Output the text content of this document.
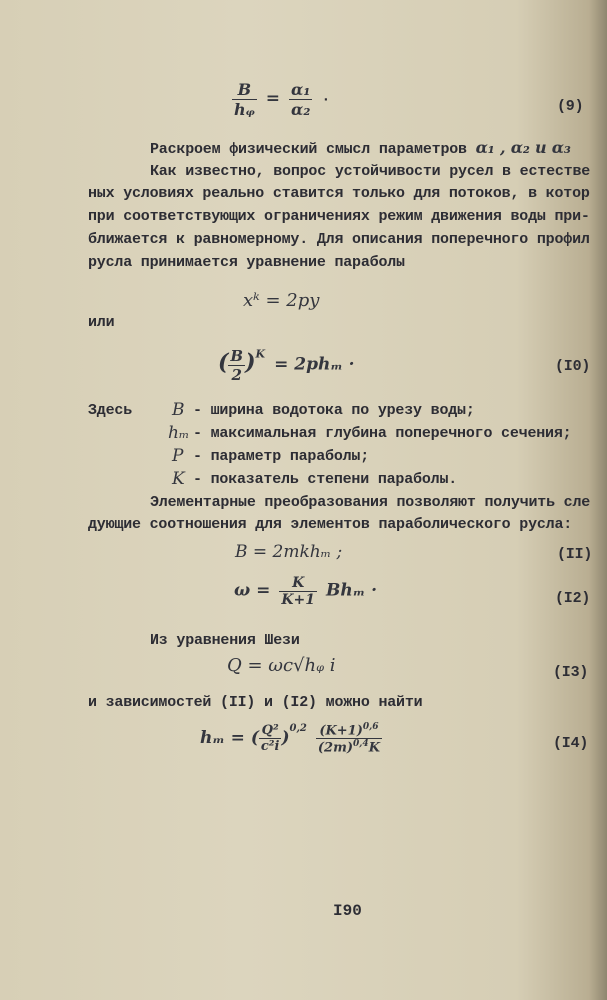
$\frac{B}{\text{hᵩ}} = \frac{\text{α₁}}{\text{α₂}}$ ·	(9)
Раскроем физический смысл параметров α₁ , α₂ и α₃
Как известно, вопрос устойчивости русел в естестве
ных условиях реально ставится только для потоков, в котор
при соответствующих ограничениях режим движения воды при-
ближается к равномерному. Для описания поперечного профил
русла принимается уравнение параболы
xᵏ = 2py
или
( $\frac{B}{2} )^K = 2ph_m$ ·	(I0)
Здесь B - ширина водотока по урезу воды;
hₘ - максимальная глубина поперечного сечения;
P - параметр параболы;
K - показатель степени параболы.
Элементарные преобразования позволяют получить сле
дующие соотношения для элементов параболического русла:
B = 2mkhₘ ;	(II)
$\omega = \frac{K}{K+1}$ Bhₘ ·	(I2)
Из уравнения Шези
Q = ωc√hᵩ i	(I3)
и зависимостей (II) и (I2) можно найти
hₘ = ( $\frac{\text{Q²}}{\text{c²i}} )^{0,2} \frac{(K+1)^{0,6}}{(2m)^{0,4}K}$	(I4)
I90
